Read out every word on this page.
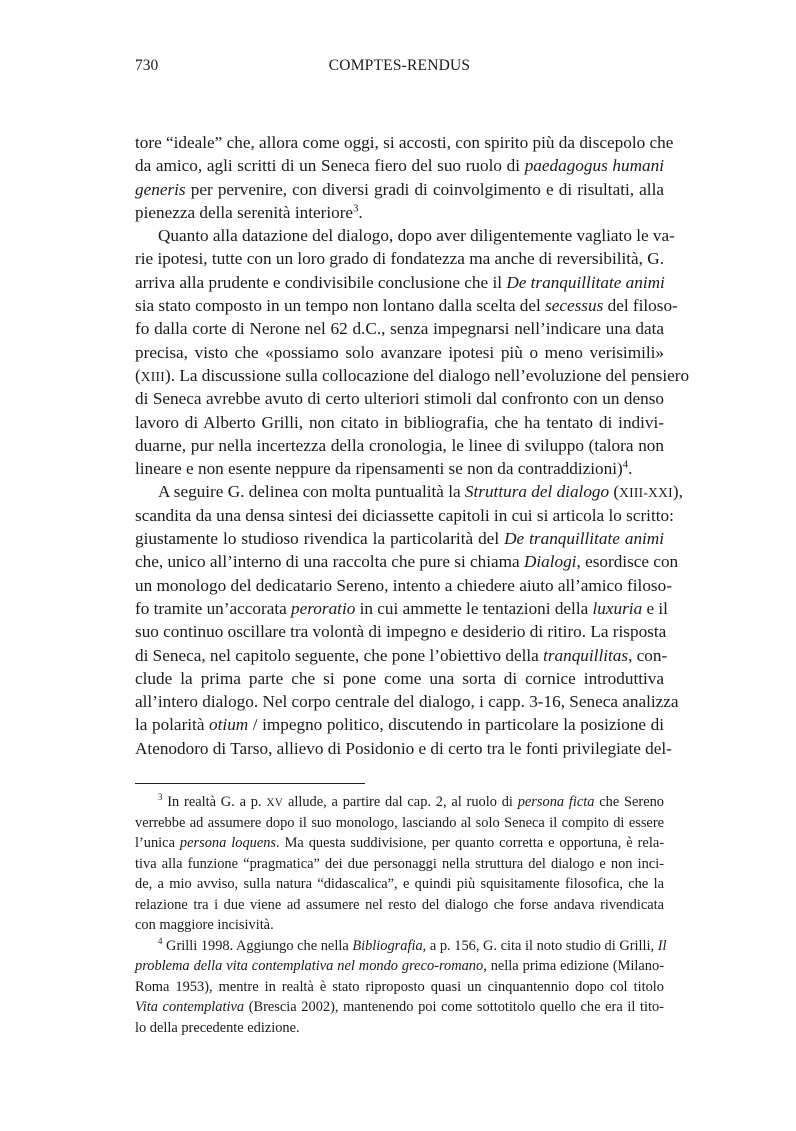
730	COMPTES-RENDUS
tore “ideale” che, allora come oggi, si accosti, con spirito più da discepolo che
da amico, agli scritti di un Seneca fiero del suo ruolo di paedagogus humani
generis per pervenire, con diversi gradi di coinvolgimento e di risultati, alla
pienezza della serenità interiore$^3$.
Quanto alla datazione del dialogo, dopo aver diligentemente vagliato le va-
rie ipotesi, tutte con un loro grado di fondatezza ma anche di reversibilità, G.
arriva alla prudente e condivisibile conclusione che il De tranquillitate animi
sia stato composto in un tempo non lontano dalla scelta del secessus del filoso-
fo dalla corte di Nerone nel 62 d.C., senza impegnarsi nell’indicare una data
precisa, visto che «possiamo solo avanzare ipotesi più o meno verisimili»
(XIII). La discussione sulla collocazione del dialogo nell’evoluzione del pensiero
di Seneca avrebbe avuto di certo ulteriori stimoli dal confronto con un denso
lavoro di Alberto Grilli, non citato in bibliografia, che ha tentato di indivi-
duarne, pur nella incertezza della cronologia, le linee di sviluppo (talora non
lineare e non esente neppure da ripensamenti se non da contraddizioni)$^4$.
A seguire G. delinea con molta puntualità la Struttura del dialogo (XIII-XXI),
scandita da una densa sintesi dei diciassette capitoli in cui si articola lo scritto:
giustamente lo studioso rivendica la particolarità del De tranquillitate animi
che, unico all’interno di una raccolta che pure si chiama Dialogi, esordisce con
un monologo del dedicatario Sereno, intento a chiedere aiuto all’amico filoso-
fo tramite un’accorata peroratio in cui ammette le tentazioni della luxuria e il
suo continuo oscillare tra volontà di impegno e desiderio di ritiro. La risposta
di Seneca, nel capitolo seguente, che pone l’obiettivo della tranquillitas, con-
clude la prima parte che si pone come una sorta di cornice introduttiva
all’intero dialogo. Nel corpo centrale del dialogo, i capp. 3-16, Seneca analizza
la polarità otium / impegno politico, discutendo in particolare la posizione di
Atenodoro di Tarso, allievo di Posidonio e di certo tra le fonti privilegiate del-
$^3$ In realtà G. a p. XV allude, a partire dal cap. 2, al ruolo di persona ficta che Sereno
verrebbe ad assumere dopo il suo monologo, lasciando al solo Seneca il compito di essere
l’unica persona loquens. Ma questa suddivisione, per quanto corretta e opportuna, è rela-
tiva alla funzione “pragmatica” dei due personaggi nella struttura del dialogo e non inci-
de, a mio avviso, sulla natura “didascalica”, e quindi più squisitamente filosofica, che la
relazione tra i due viene ad assumere nel resto del dialogo che forse andava rivendicata
con maggiore incisività.
$^4$ Grilli 1998. Aggiungo che nella Bibliografia, a p. 156, G. cita il noto studio di Grilli, Il
problema della vita contemplativa nel mondo greco-romano, nella prima edizione (Milano-
Roma 1953), mentre in realtà è stato riproposto quasi un cinquantennio dopo col titolo
Vita contemplativa (Brescia 2002), mantenendo poi come sottotitolo quello che era il tito-
lo della precedente edizione.
